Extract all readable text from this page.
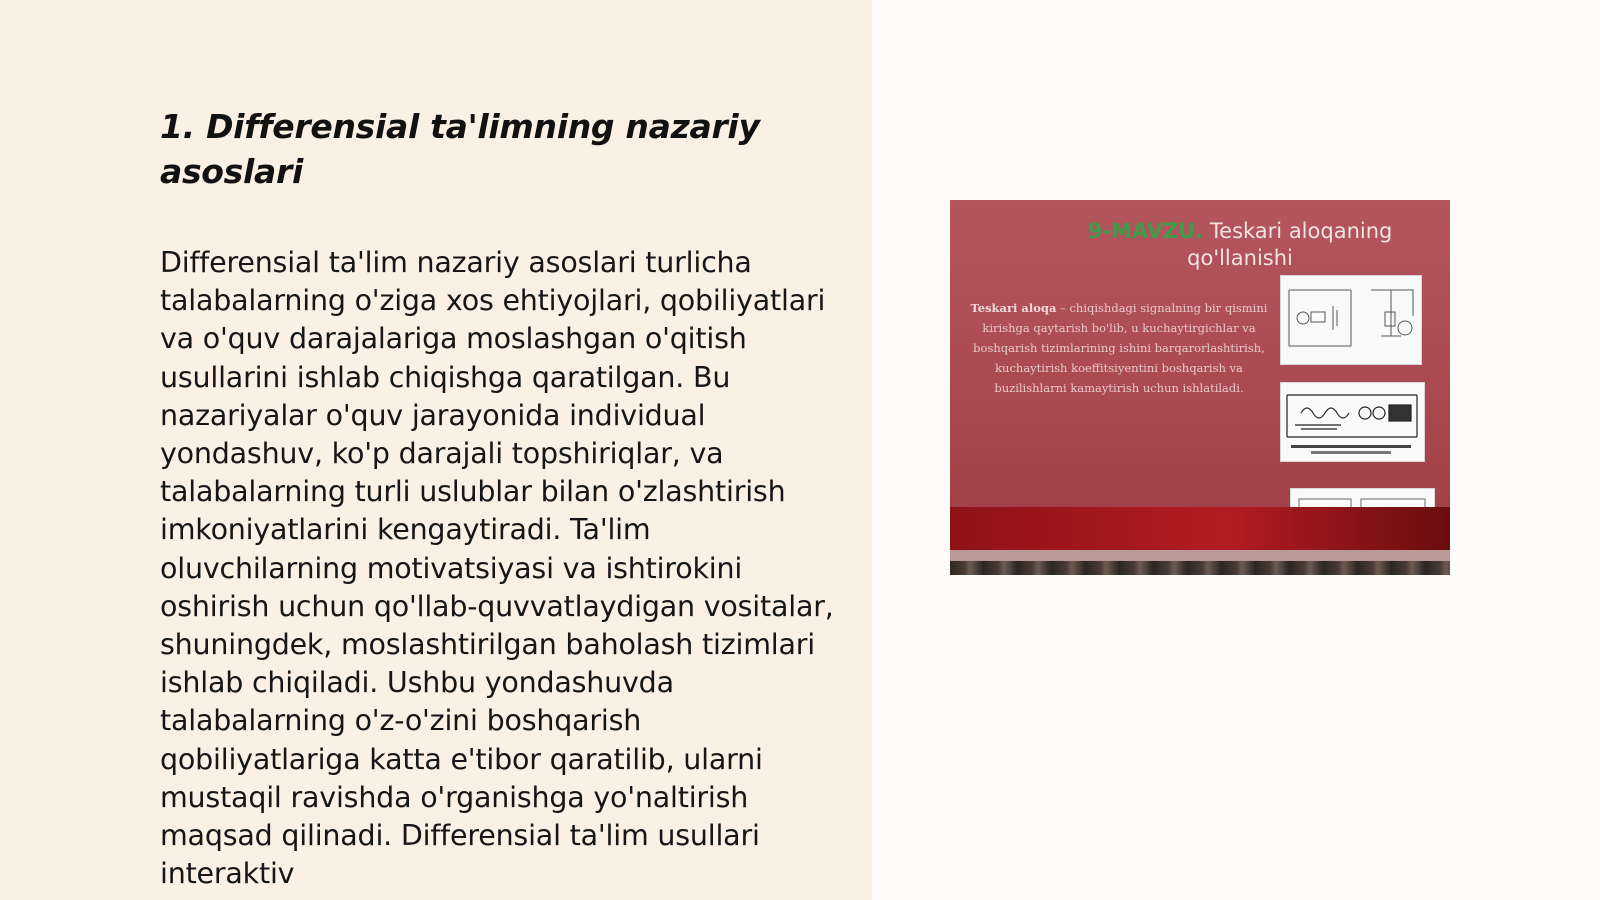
1. Differensial ta'limning nazariy asoslari

Differensial ta'lim nazariy asoslari turlicha talabalarning o'ziga xos ehtiyojlari, qobiliyatlari va o'quv darajalariga moslashgan o'qitish usullarini ishlab chiqishga qaratilgan. Bu nazariyalar o'quv jarayonida individual yondashuv, ko'p darajali topshiriqlar, va talabalarning turli uslublar bilan o'zlashtirish imkoniyatlarini kengaytiradi. Ta'lim oluvchilarning motivatsiyasi va ishtirokini oshirish uchun qo'llab-quvvatlaydigan vositalar, shuningdek, moslashtirilgan baholash tizimlari ishlab chiqiladi. Ushbu yondashuvda talabalarning o'z-o'zini boshqarish qobiliyatlariga katta e'tibor qaratilib, ularni mustaqil ravishda o'rganishga yo'naltirish maqsad qilinadi. Differensial ta'lim usullari interaktiv

9-MAVZU. Teskari aloqaning qo'llanishi
Teskari aloqa – chiqishdagi signalning bir qismini kirishga qaytarish bo'lib, u kuchaytirgichlar va boshqarish tizimlarining ishini barqarorlashtirish, kuchaytirish koeffitsiyentini boshqarish va buzilishlarni kamaytirish uchun ishlatiladi.
